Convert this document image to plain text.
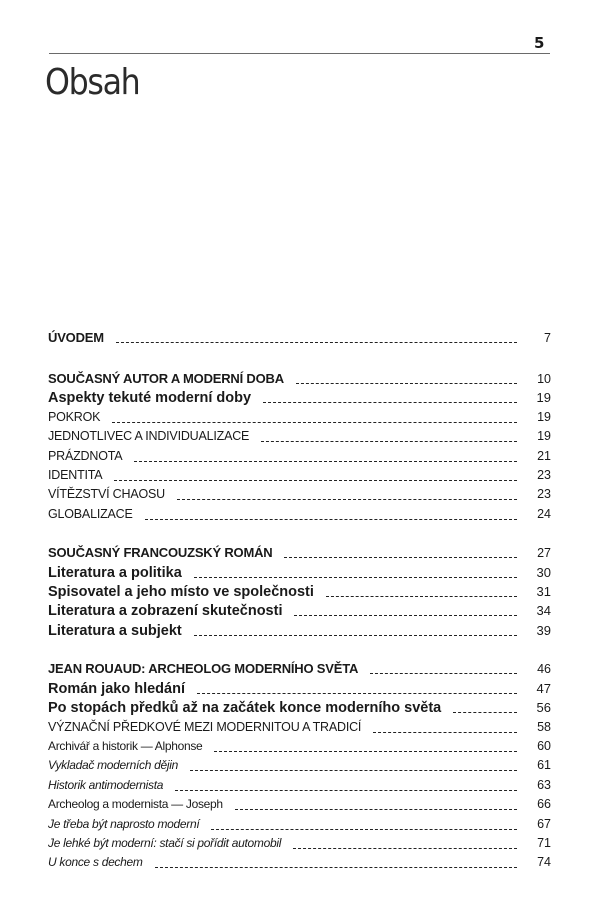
5
Obsah
ÚVODEM	7
SOUČASNÝ AUTOR A MODERNÍ DOBA	10
Aspekty tekuté moderní doby	19
POKROK	19
JEDNOTLIVEC A INDIVIDUALIZACE	19
PRÁZDNOTA	21
IDENTITA	23
VÍTĚZSTVÍ CHAOSU	23
GLOBALIZACE	24
SOUČASNÝ FRANCOUZSKÝ ROMÁN	27
Literatura a politika	30
Spisovatel a jeho místo ve společnosti	31
Literatura a zobrazení skutečnosti	34
Literatura a subjekt	39
JEAN ROUAUD: ARCHEOLOG MODERNÍHO SVĚTA	46
Román jako hledání	47
Po stopách předků až na začátek konce moderního světa	56
VÝZNAČNÍ PŘEDKOVÉ MEZI MODERNITOU A TRADICÍ	58
Archivář a historik — Alphonse	60
Vykladač moderních dějin	61
Historik antimodernista	63
Archeolog a modernista — Joseph	66
Je třeba být naprosto moderní	67
Je lehké být moderní: stačí si pořídit automobil	71
U konce s dechem	74
